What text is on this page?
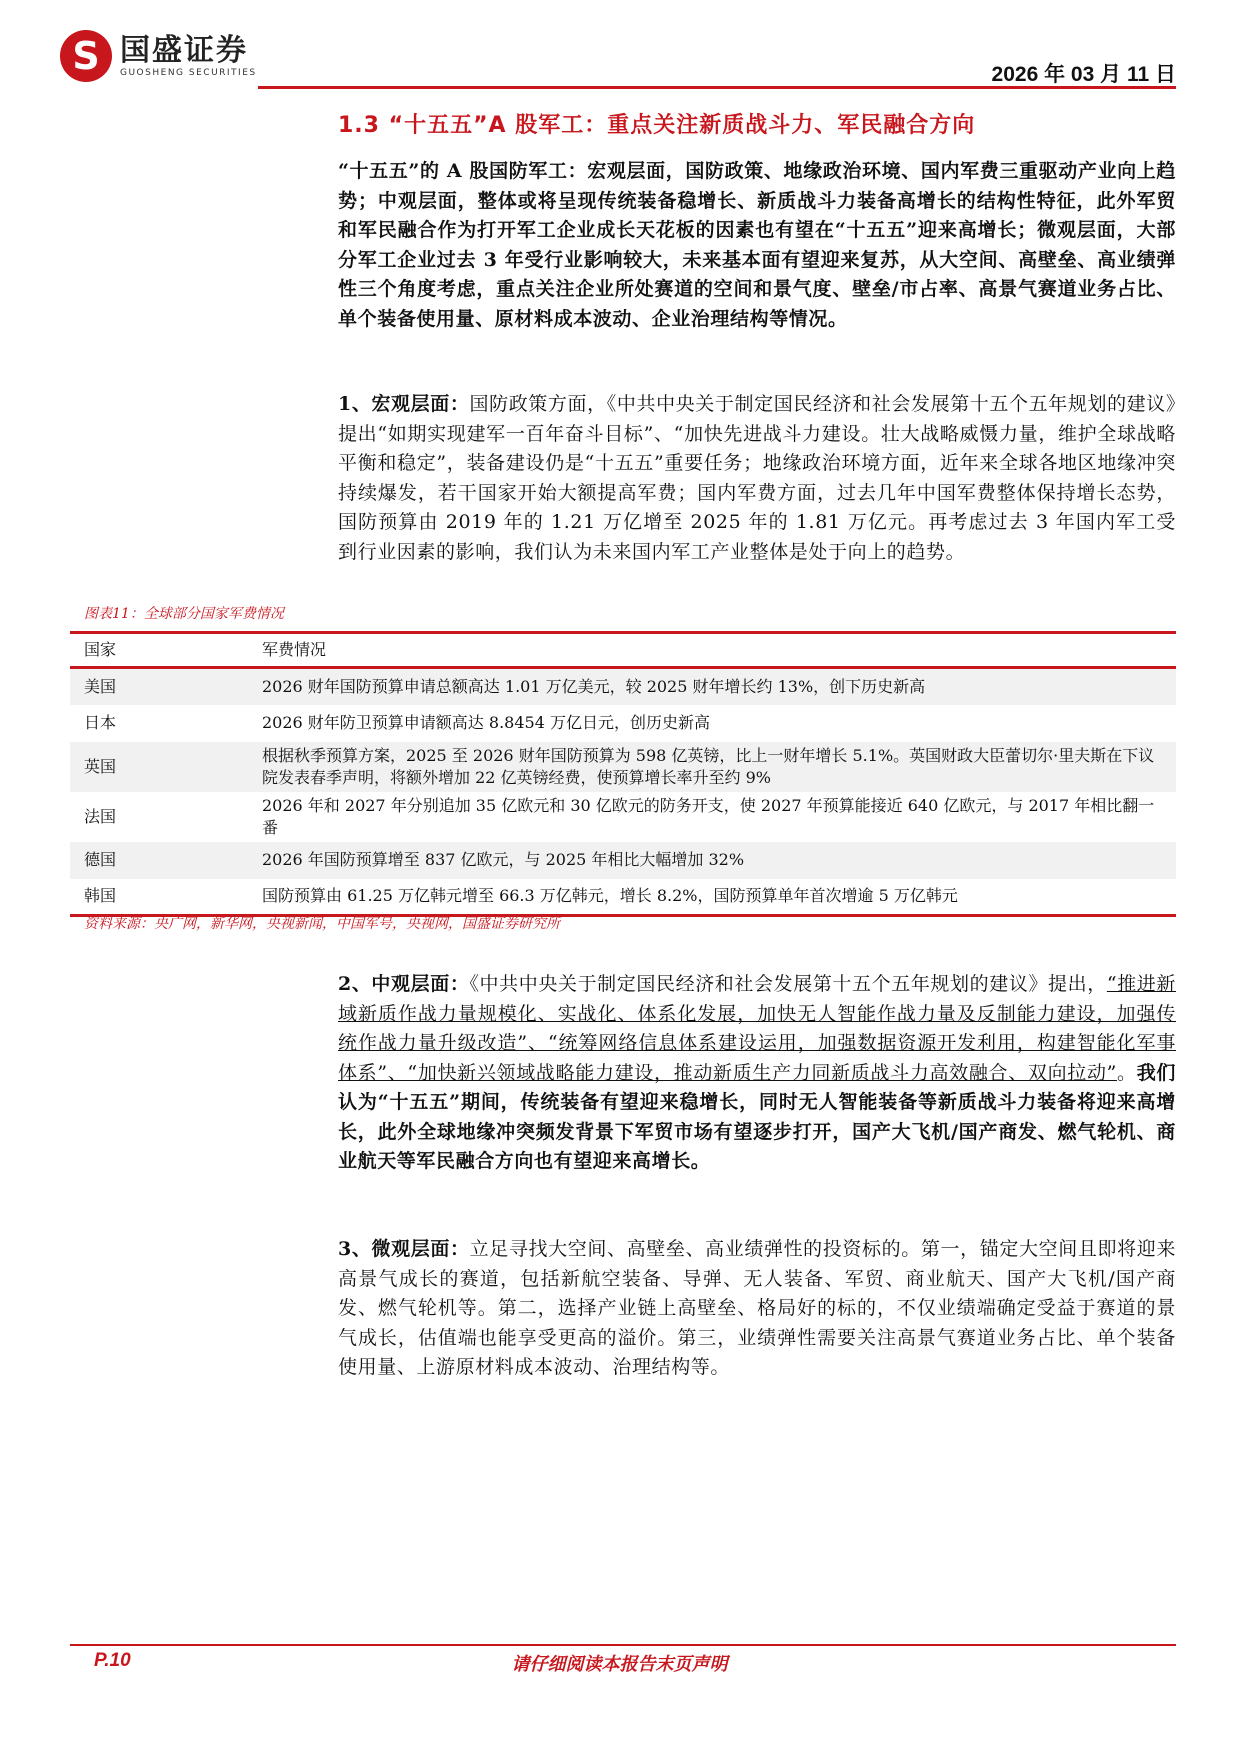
S
国盛证券
GUOSHENG SECURITIES	2026 年 03 月 11 日
1.3 “十五五”A 股军工：重点关注新质战斗力、军民融合方向
“十五五”的 A 股国防军工：宏观层面，国防政策、地缘政治环境、国内军费三重驱动产业向上趋势；中观层面，整体或将呈现传统装备稳增长、新质战斗力装备高增长的结构性特征，此外军贸和军民融合作为打开军工企业成长天花板的因素也有望在“十五五”迎来高增长；微观层面，大部分军工企业过去 3 年受行业影响较大，未来基本面有望迎来复苏，从大空间、高壁垒、高业绩弹性三个角度考虑，重点关注企业所处赛道的空间和景气度、壁垒/市占率、高景气赛道业务占比、单个装备使用量、原材料成本波动、企业治理结构等情况。
1、宏观层面：国防政策方面，《中共中央关于制定国民经济和社会发展第十五个五年规划的建议》提出“如期实现建军一百年奋斗目标”、“加快先进战斗力建设。壮大战略威慑力量，维护全球战略平衡和稳定”，装备建设仍是“十五五”重要任务；地缘政治环境方面，近年来全球各地区地缘冲突持续爆发，若干国家开始大额提高军费；国内军费方面，过去几年中国军费整体保持增长态势，国防预算由 2019 年的 1.21 万亿增至 2025 年的 1.81 万亿元。再考虑过去 3 年国内军工受到行业因素的影响，我们认为未来国内军工产业整体是处于向上的趋势。
图表11：全球部分国家军费情况
国家	军费情况
美国	2026 财年国防预算申请总额高达 1.01 万亿美元，较 2025 财年增长约 13%，创下历史新高
日本	2026 财年防卫预算申请额高达 8.8454 万亿日元，创历史新高
英国	根据秋季预算方案，2025 至 2026 财年国防预算为 598 亿英镑，比上一财年增长 5.1%。英国财政大臣蕾切尔·里夫斯在下议院发表春季声明，将额外增加 22 亿英镑经费，使预算增长率升至约 9%
法国	2026 年和 2027 年分别追加 35 亿欧元和 30 亿欧元的防务开支，使 2027 年预算能接近 640 亿欧元，与 2017 年相比翻一番
德国	2026 年国防预算增至 837 亿欧元，与 2025 年相比大幅增加 32%
韩国	国防预算由 61.25 万亿韩元增至 66.3 万亿韩元，增长 8.2%，国防预算单年首次增逾 5 万亿韩元
资料来源：央广网，新华网，央视新闻，中国军号，央视网，国盛证券研究所
2、中观层面：《中共中央关于制定国民经济和社会发展第十五个五年规划的建议》提出，“推进新域新质作战力量规模化、实战化、体系化发展，加快无人智能作战力量及反制能力建设，加强传统作战力量升级改造”、“统筹网络信息体系建设运用，加强数据资源开发利用，构建智能化军事体系”、“加快新兴领域战略能力建设，推动新质生产力同新质战斗力高效融合、双向拉动”。我们认为“十五五”期间，传统装备有望迎来稳增长，同时无人智能装备等新质战斗力装备将迎来高增长，此外全球地缘冲突频发背景下军贸市场有望逐步打开，国产大飞机/国产商发、燃气轮机、商业航天等军民融合方向也有望迎来高增长。
3、微观层面：立足寻找大空间、高壁垒、高业绩弹性的投资标的。第一，锚定大空间且即将迎来高景气成长的赛道，包括新航空装备、导弹、无人装备、军贸、商业航天、国产大飞机/国产商发、燃气轮机等。第二，选择产业链上高壁垒、格局好的标的，不仅业绩端确定受益于赛道的景气成长，估值端也能享受更高的溢价。第三，业绩弹性需要关注高景气赛道业务占比、单个装备使用量、上游原材料成本波动、治理结构等。
P.10	请仔细阅读本报告末页声明
